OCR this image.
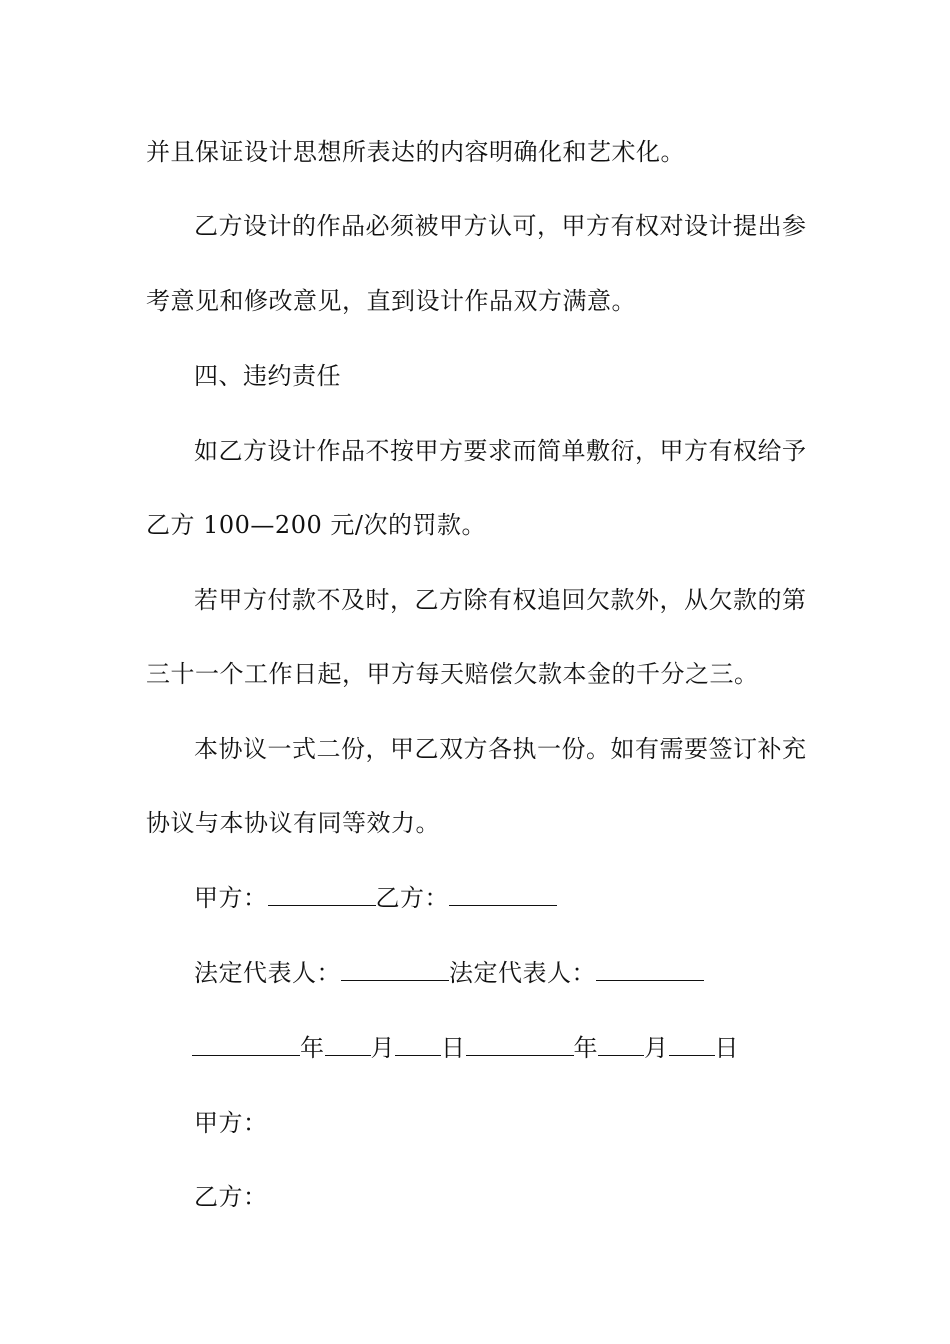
并且保证设计思想所表达的内容明确化和艺术化。
乙方设计的作品必须被甲方认可，甲方有权对设计提出参
考意见和修改意见，直到设计作品双方满意。
四、违约责任
如乙方设计作品不按甲方要求而简单敷衍，甲方有权给予
乙方 100—200 元/次的罚款。
若甲方付款不及时，乙方除有权追回欠款外，从欠款的第
三十一个工作日起，甲方每天赔偿欠款本金的千分之三。
本协议一式二份，甲乙双方各执一份。如有需要签订补充
协议与本协议有同等效力。
甲方：	乙方：
法定代表人：	法定代表人：
年 月 日	年 月 日
甲方：
乙方：
